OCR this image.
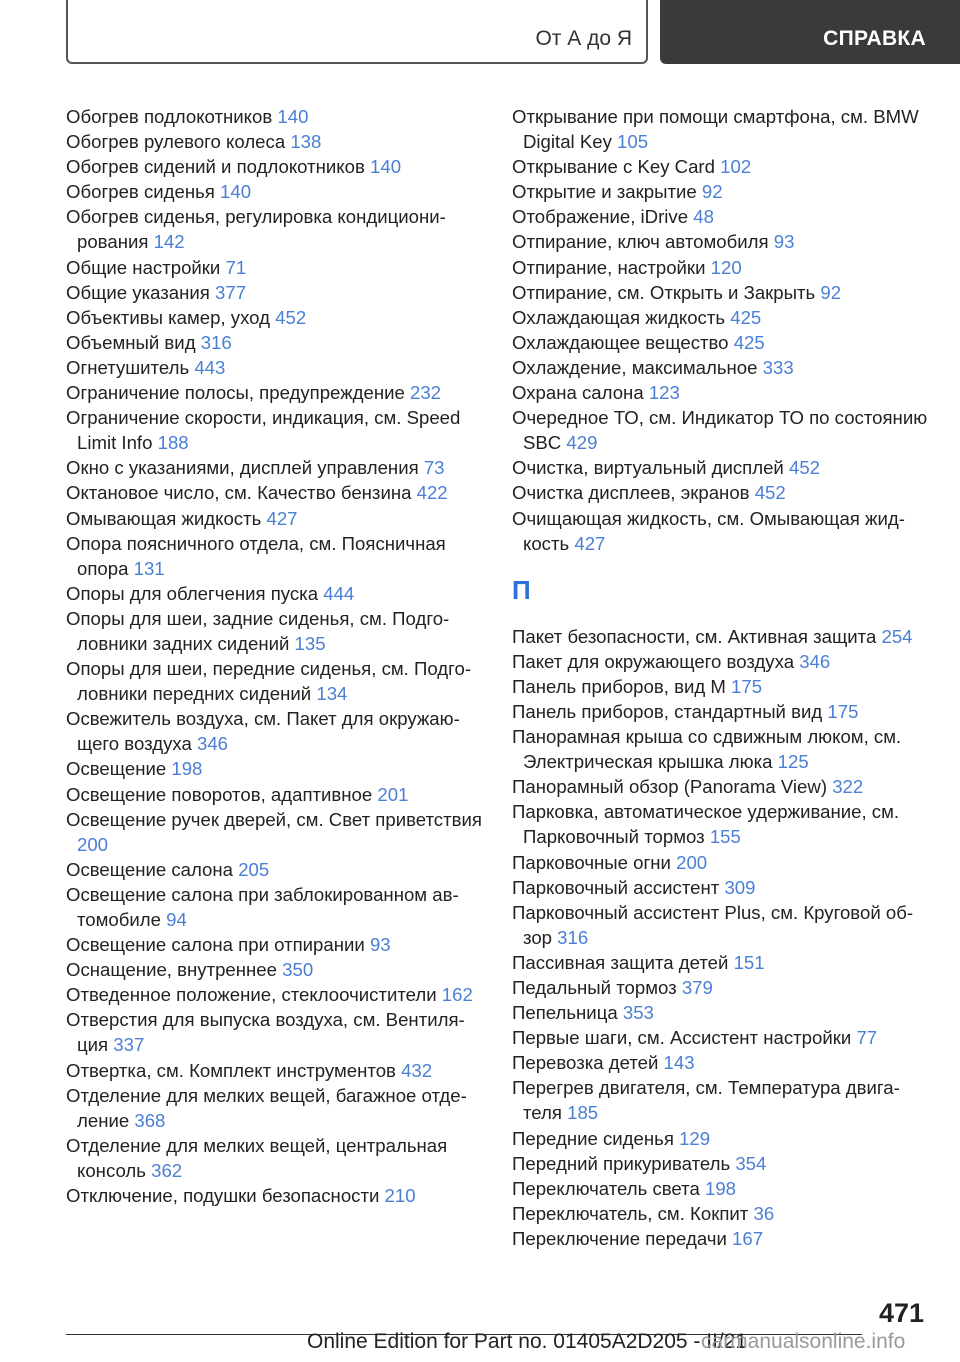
От А до Я	СПРАВКА

Обогрев подлокотников 140

Обогрев рулевого колеса 138

Обогрев сидений и подлокотников 140

Обогрев сиденья 140

Обогрев сиденья, регулировка кондиционирования 142

Общие настройки 71

Общие указания 377

Объективы камер, уход 452

Объемный вид 316

Огнетушитель 443

Ограничение полосы, предупреждение 232

Ограничение скорости, индикация, см. Speed Limit Info 188

Окно с указаниями, дисплей управления 73

Октановое число, см. Качество бензина 422

Омывающая жидкость 427

Опора поясничного отдела, см. Поясничная опора 131

Опоры для облегчения пуска 444

Опоры для шеи, задние сиденья, см. Подголовники задних сидений 135

Опоры для шеи, передние сиденья, см. Подголовники передних сидений 134

Освежитель воздуха, см. Пакет для окружающего воздуха 346

Освещение 198

Освещение поворотов, адаптивное 201

Освещение ручек дверей, см. Свет приветствия 200

Освещение салона 205

Освещение салона при заблокированном автомобиле 94

Освещение салона при отпирании 93

Оснащение, внутреннее 350

Отведенное положение, стеклоочистители 162

Отверстия для выпуска воздуха, см. Вентиляция 337

Отвертка, см. Комплект инструментов 432

Отделение для мелких вещей, багажное отделение 368

Отделение для мелких вещей, центральная консоль 362

Отключение, подушки безопасности 210

Открывание при помощи смартфона, см. BMW Digital Key 105

Открывание с Key Card 102

Открытие и закрытие 92

Отображение, iDrive 48

Отпирание, ключ автомобиля 93

Отпирание, настройки 120

Отпирание, см. Открыть и Закрыть 92

Охлаждающая жидкость 425

Охлаждающее вещество 425

Охлаждение, максимальное 333

Охрана салона 123

Очередное ТО, см. Индикатор ТО по состоянию SBC 429

Очистка, виртуальный дисплей 452

Очистка дисплеев, экранов 452

Очищающая жидкость, см. Омывающая жидкость 427

П

Пакет безопасности, см. Активная защита 254

Пакет для окружающего воздуха 346

Панель приборов, вид M 175

Панель приборов, стандартный вид 175

Панорамная крыша со сдвижным люком, см. Электрическая крышка люка 125

Панорамный обзор (Panorama View) 322

Парковка, автоматическое удерживание, см. Парковочный тормоз 155

Парковочные огни 200

Парковочный ассистент 309

Парковочный ассистент Plus, см. Круговой обзор 316

Пассивная защита детей 151

Педальный тормоз 379

Пепельница 353

Первые шаги, см. Ассистент настройки 77

Перевозка детей 143

Перегрев двигателя, см. Температура двигателя 185

Передние сиденья 129

Передний прикуриватель 354

Переключатель света 198

Переключатель, см. Кокпит 36

Переключение передачи 167

471
Online Edition for Part no. 01405A2D205 - II/21
carmanualsonline.info
